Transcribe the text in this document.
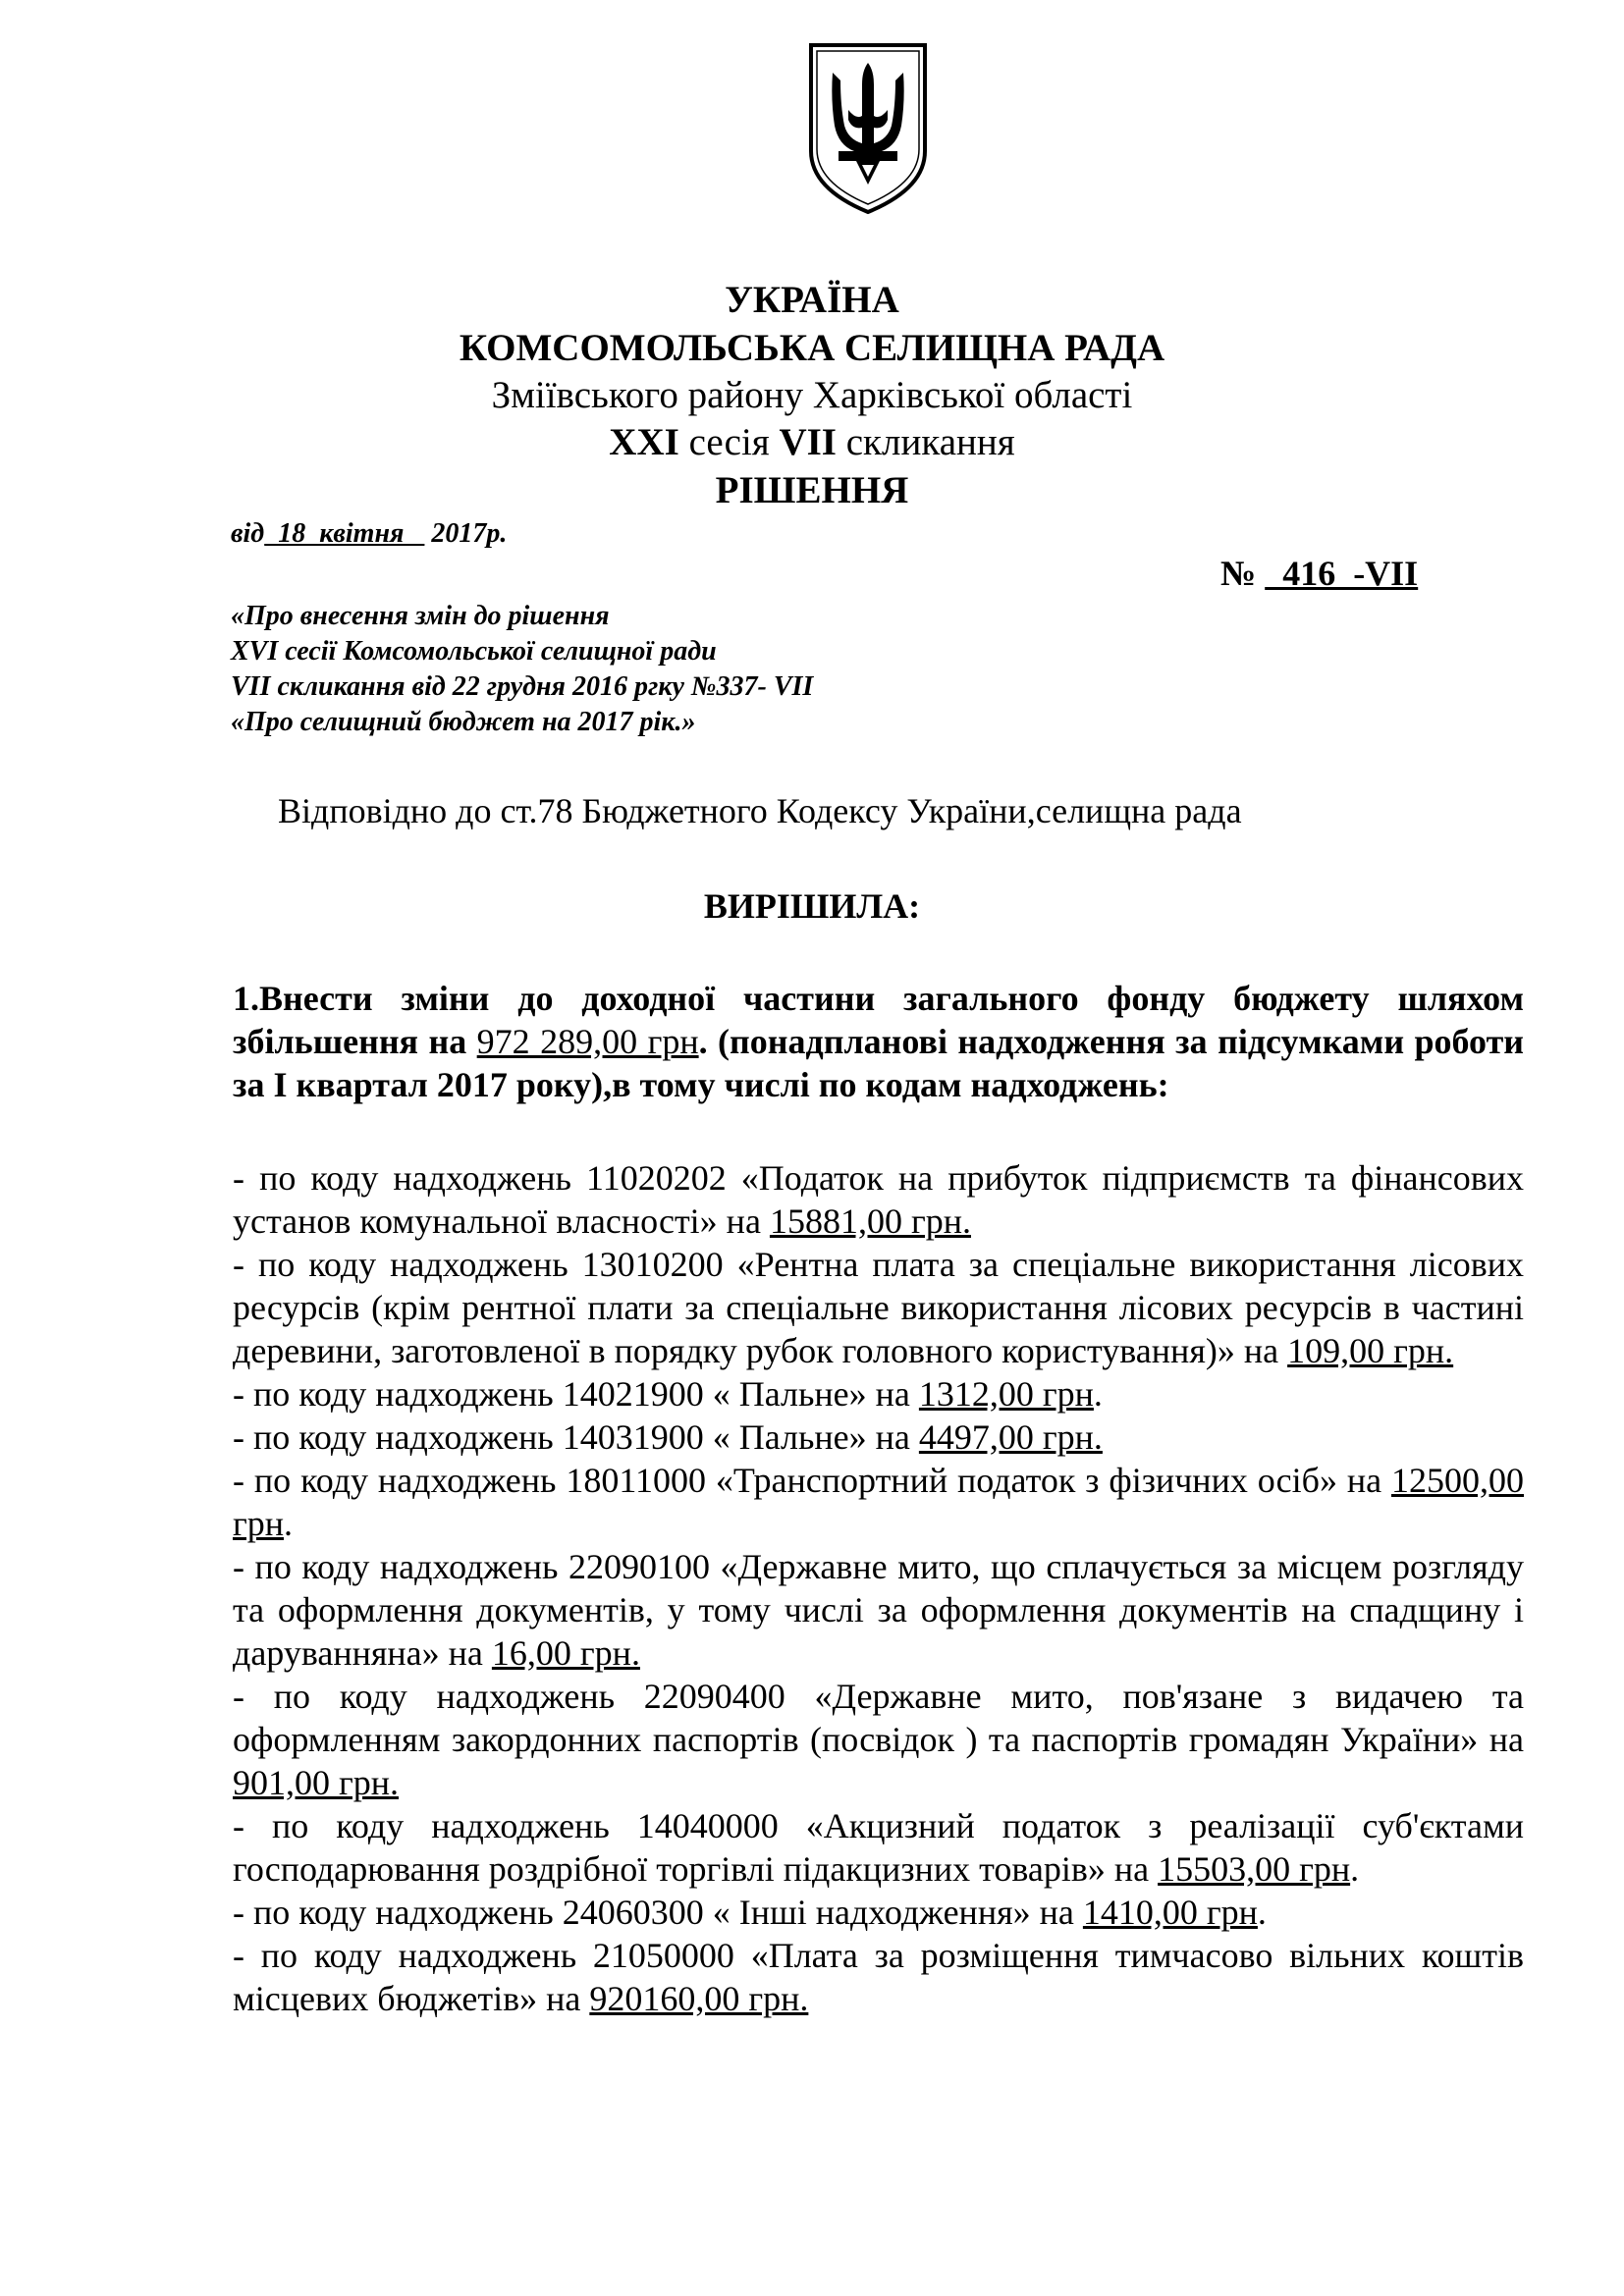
УКРАЇНА
КОМСОМОЛЬСЬКА СЕЛИЩНА РАДА
Зміївського району Харківської області
XXI сесія VII скликання
РІШЕННЯ
від  18  квітня    2017р.
№   416  -VII
«Про внесення змін до рішення
XVI сесії Комсомольської селищної ради
VII скликання від 22 грудня 2016 ргку №337- VII
«Про селищний бюджет на 2017 рік.»
Відповідно до ст.78 Бюджетного Кодексу України,селищна рада
ВИРІШИЛА:
1.Внести зміни до доходної частини загального фонду бюджету шляхом збільшення на 972 289,00 грн. (понадпланові надходження за підсумками роботи за І квартал 2017 року),в тому числі по кодам надходжень:
- по коду надходжень 11020202 «Податок на прибуток підприємств та фінансових установ комунальної власності» на 15881,00 грн.
- по коду надходжень 13010200 «Рентна плата за спеціальне використання лісових ресурсів (крім рентної плати за спеціальне використання лісових ресурсів в частині деревини, заготовленої в порядку рубок головного користування)» на 109,00 грн.
- по коду надходжень 14021900 « Пальне» на 1312,00 грн.
- по коду надходжень 14031900 « Пальне» на 4497,00 грн.
- по коду надходжень 18011000 «Транспортний податок з фізичних осіб» на 12500,00 грн.
- по коду надходжень 22090100 «Державне мито, що сплачується за місцем розгляду та оформлення документів, у тому числі за оформлення документів на спадщину і даруванняна» на 16,00 грн.
- по коду надходжень 22090400 «Державне мито, пов'язане з видачею та оформленням закордонних паспортів (посвідок ) та паспортів громадян України» на 901,00 грн.
- по коду надходжень 14040000 «Акцизний податок з реалізації суб'єктами господарювання роздрібної торгівлі підакцизних товарів» на 15503,00 грн.
- по коду надходжень 24060300 « Інші надходження» на 1410,00 грн.
- по коду надходжень 21050000 «Плата за розміщення тимчасово вільних коштів місцевих бюджетів» на 920160,00 грн.
